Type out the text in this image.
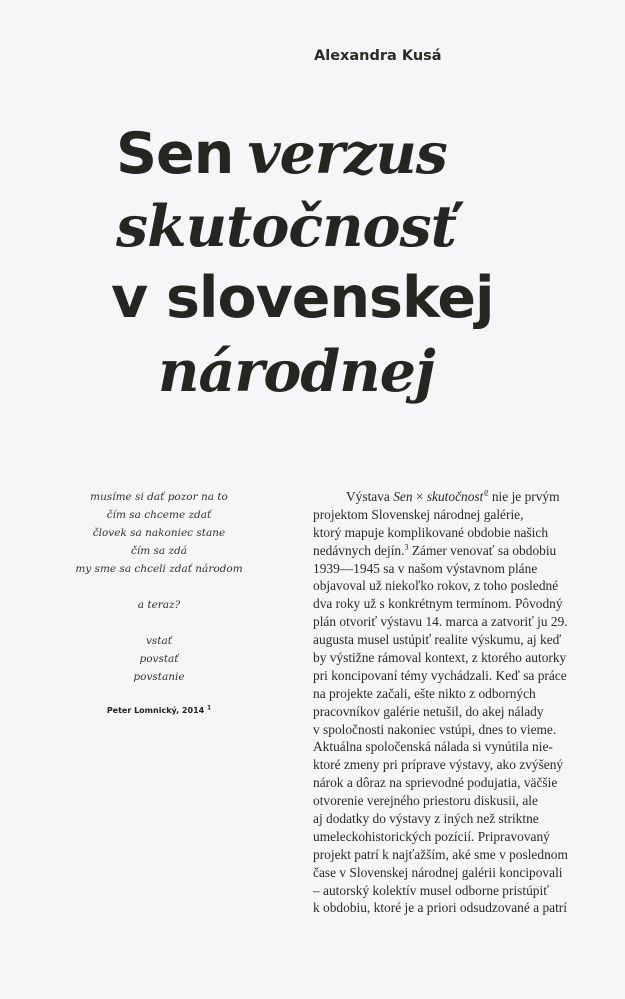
Alexandra Kusá
Sen verzus
skutočnosť
v slovenskej
národnej
musíme si dať pozor na to
čím sa chceme zdať
človek sa nakoniec stane
čím sa zdá
my sme sa chceli zdať národom
a teraz?
vstať
povstať
povstanie
Peter Lomnický, 2014 $^1$
Výstava Sen × skutočnosť$^2$ nie je prvým
projektom Slovenskej národnej galérie,
ktorý mapuje komplikované obdobie našich
nedávnych dejín.$^3$ Zámer venovať sa obdobiu
1939—1945 sa v našom výstavnom pláne
objavoval už niekoľko rokov, z toho posledné
dva roky už s konkrétnym termínom. Pôvodný
plán otvoriť výstavu 14. marca a zatvoriť ju 29.
augusta musel ustúpiť realite výskumu, aj keď
by výstižne rámoval kontext, z ktorého autorky
pri koncipovaní témy vychádzali. Keď sa práce
na projekte začali, ešte nikto z odborných
pracovníkov galérie netušil, do akej nálady
v spoločnosti nakoniec vstúpi, dnes to vieme.
Aktuálna spoločenská nálada si vynútila nie-
ktoré zmeny pri príprave výstavy, ako zvýšený
nárok a dôraz na sprievodné podujatia, väčšie
otvorenie verejného priestoru diskusii, ale
aj dodatky do výstavy z iných než striktne
umeleckohistorických pozícií. Pripravovaný
projekt patrí k najťažším, aké sme v poslednom
čase v Slovenskej národnej galérii koncipovali
– autorský kolektív musel odborne pristúpiť
k obdobiu, ktoré je a priori odsudzované a patrí
